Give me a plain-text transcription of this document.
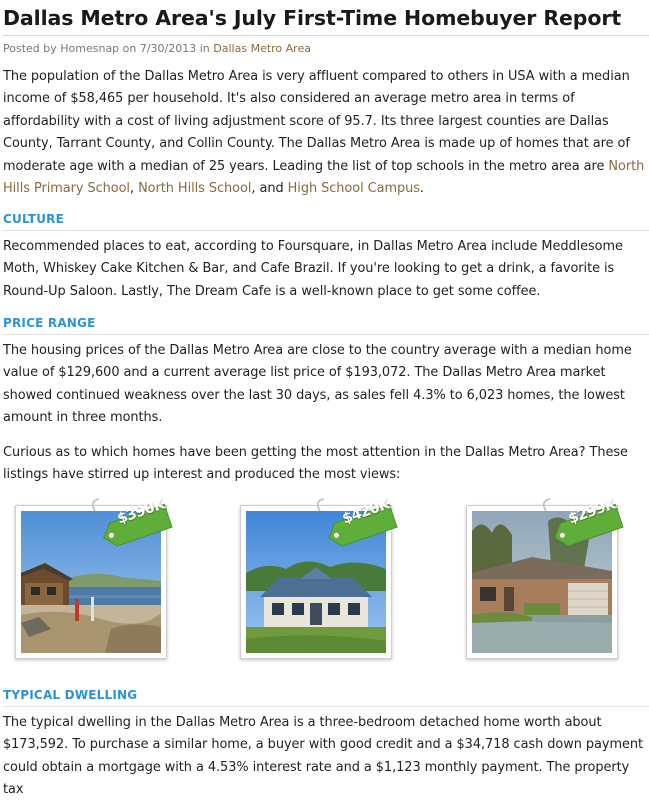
Dallas Metro Area's July First-Time Homebuyer Report
Posted by Homesnap on 7/30/2013 in Dallas Metro Area

The population of the Dallas Metro Area is very affluent compared to others in USA with a median income of $58,465 per household. It's also considered an average metro area in terms of affordability with a cost of living adjustment score of 95.7. Its three largest counties are Dallas County, Tarrant County, and Collin County. The Dallas Metro Area is made up of homes that are of moderate age with a median of 25 years. Leading the list of top schools in the metro area are North Hills Primary School, North Hills School, and High School Campus.

CULTURE

Recommended places to eat, according to Foursquare, in Dallas Metro Area include Meddlesome Moth, Whiskey Cake Kitchen & Bar, and Cafe Brazil. If you're looking to get a drink, a favorite is Round-Up Saloon. Lastly, The Dream Cafe is a well-known place to get some coffee.

PRICE RANGE

The housing prices of the Dallas Metro Area are close to the country average with a median home value of $129,600 and a current average list price of $193,072. The Dallas Metro Area market showed continued weakness over the last 30 days, as sales fell 4.3% to 6,023 homes, the lowest amount in three months.

Curious as to which homes have been getting the most attention in the Dallas Metro Area? These listings have stirred up interest and produced the most views:

$390K	$420K	$299K
TYPICAL DWELLING

The typical dwelling in the Dallas Metro Area is a three-bedroom detached home worth about $173,592. To purchase a similar home, a buyer with good credit and a $34,718 cash down payment could obtain a mortgage with a 4.53% interest rate and a $1,123 monthly payment. The property tax
